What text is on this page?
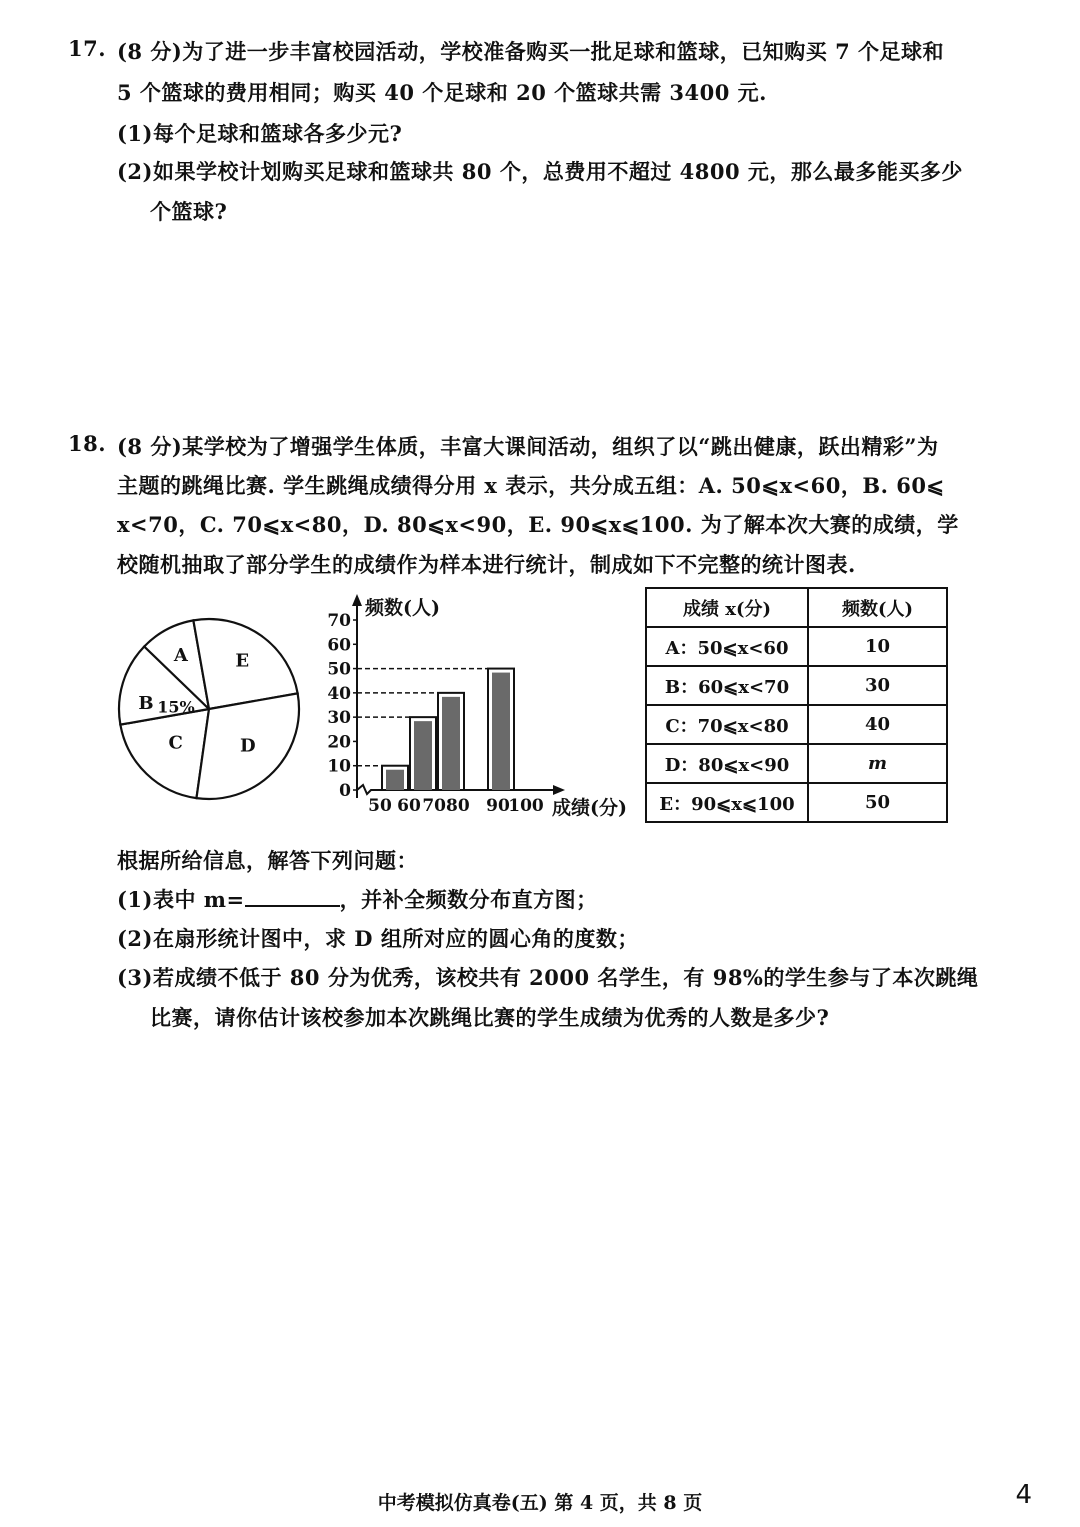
17. (8 分)为了进一步丰富校园活动，学校准备购买一批足球和篮球，已知购买 7 个足球和
5 个篮球的费用相同；购买 40 个足球和 20 个篮球共需 3400 元.
(1)每个足球和篮球各多少元?
(2)如果学校计划购买足球和篮球共 80 个，总费用不超过 4800 元，那么最多能买多少
个篮球?
18. (8 分)某学校为了增强学生体质，丰富大课间活动，组织了以“跳出健康，跃出精彩”为
主题的跳绳比赛. 学生跳绳成绩得分用 x 表示，共分成五组：A. 50⩽x<60，B. 60⩽
x<70，C. 70⩽x<80，D. 80⩽x<90，E. 90⩽x⩽100. 为了解本次大赛的成绩，学
校随机抽取了部分学生的成绩作为样本进行统计，制成如下不完整的统计图表.
A
B
C	D
E
15%
0
10
20
30
40
50
60
70
50 60 7080 90
100
频数(人)
成绩(分)
成绩 x(分)	频数(人)
A：50⩽x<60	10
B：60⩽x<70	30
C：70⩽x<80	40
D：80⩽x<90	m
E：90⩽x⩽100	50
根据所给信息，解答下列问题：
(1)表中 m=	，并补全频数分布直方图；
(2)在扇形统计图中，求 D 组所对应的圆心角的度数；
(3)若成绩不低于 80 分为优秀，该校共有 2000 名学生，有 98%的学生参与了本次跳绳
比赛，请你估计该校参加本次跳绳比赛的学生成绩为优秀的人数是多少?
中考模拟仿真卷(五) 第 4 页，共 8 页	4
